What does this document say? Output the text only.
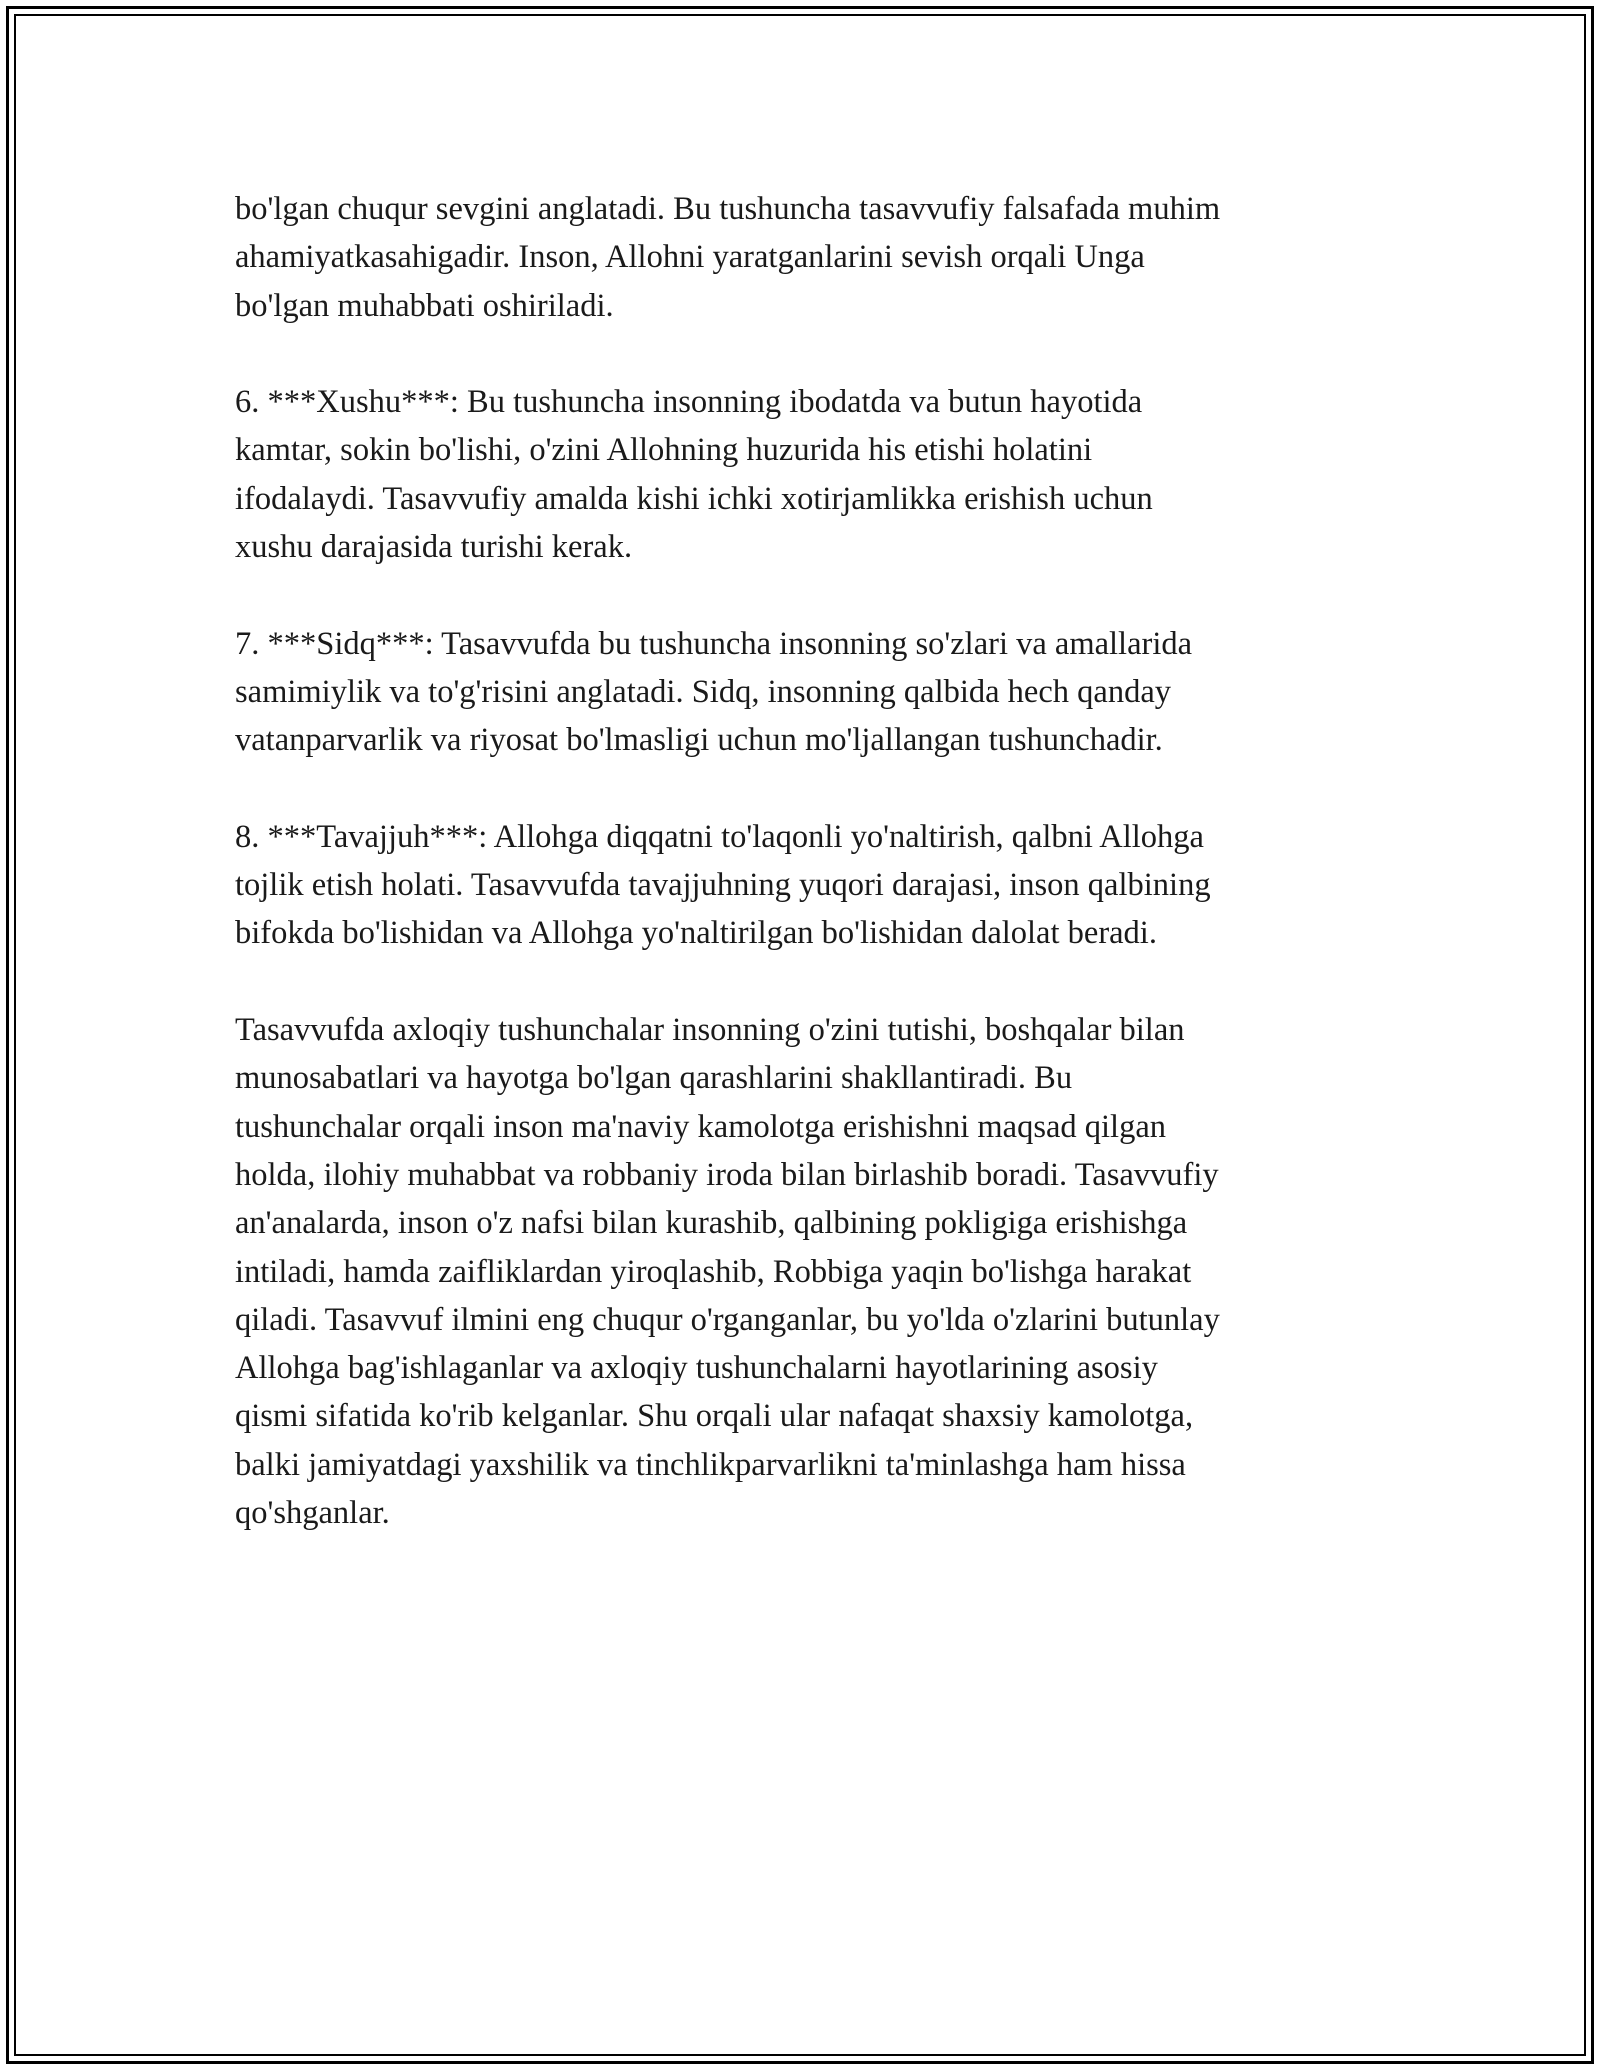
bo'lgan chuqur sevgini anglatadi. Bu tushuncha tasavvufiy falsafada muhim
ahamiyatkasahigadir. Inson, Allohni yaratganlarini sevish orqali Unga
bo'lgan muhabbati oshiriladi.

6. ***Xushu***: Bu tushuncha insonning ibodatda va butun hayotida
kamtar, sokin bo'lishi, o'zini Allohning huzurida his etishi holatini
ifodalaydi. Tasavvufiy amalda kishi ichki xotirjamlikka erishish uchun
xushu darajasida turishi kerak.

7. ***Sidq***: Tasavvufda bu tushuncha insonning so'zlari va amallarida
samimiylik va to'g'risini anglatadi. Sidq, insonning qalbida hech qanday
vatanparvarlik va riyosat bo'lmasligi uchun mo'ljallangan tushunchadir.

8. ***Tavajjuh***: Allohga diqqatni to'laqonli yo'naltirish, qalbni Allohga
tojlik etish holati. Tasavvufda tavajjuhning yuqori darajasi, inson qalbining
bifokda bo'lishidan va Allohga yo'naltirilgan bo'lishidan dalolat beradi.

Tasavvufda axloqiy tushunchalar insonning o'zini tutishi, boshqalar bilan
munosabatlari va hayotga bo'lgan qarashlarini shakllantiradi. Bu
tushunchalar orqali inson ma'naviy kamolotga erishishni maqsad qilgan
holda, ilohiy muhabbat va robbaniy iroda bilan birlashib boradi. Tasavvufiy
an'analarda, inson o'z nafsi bilan kurashib, qalbining pokligiga erishishga
intiladi, hamda zaifliklardan yiroqlashib, Robbiga yaqin bo'lishga harakat
qiladi. Tasavvuf ilmini eng chuqur o'rganganlar, bu yo'lda o'zlarini butunlay
Allohga bag'ishlaganlar va axloqiy tushunchalarni hayotlarining asosiy
qismi sifatida ko'rib kelganlar. Shu orqali ular nafaqat shaxsiy kamolotga,
balki jamiyatdagi yaxshilik va tinchlikparvarlikni ta'minlashga ham hissa
qo'shganlar.
